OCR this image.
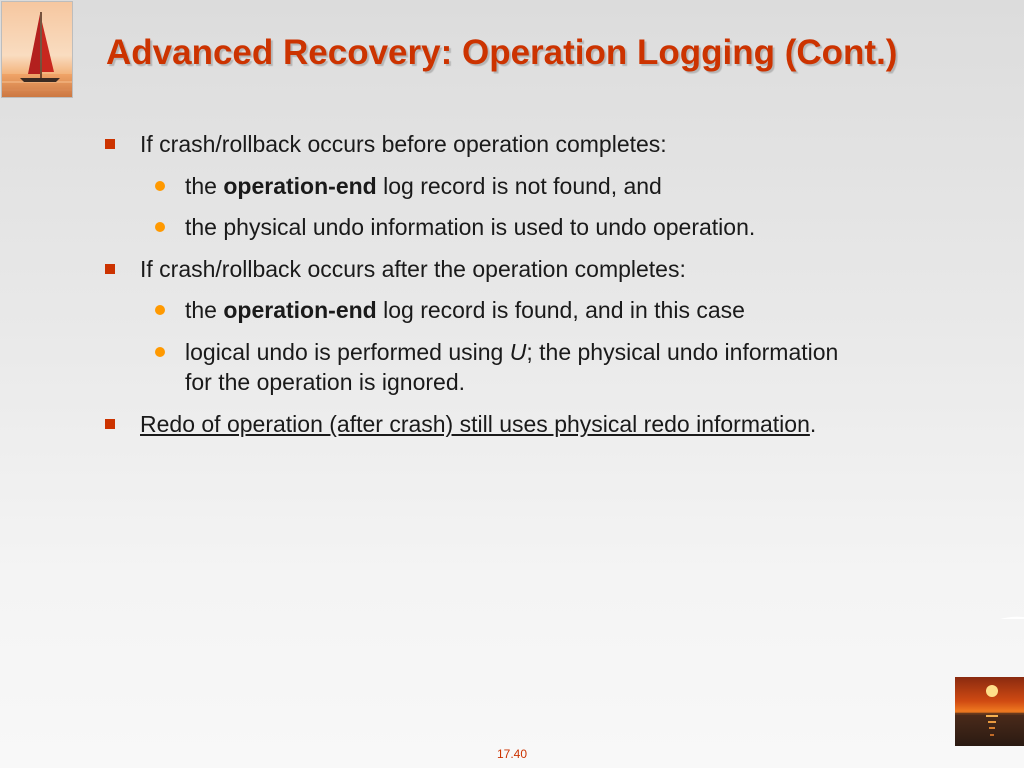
Advanced Recovery: Operation Logging (Cont.)
If crash/rollback occurs before operation completes:
the operation-end log record is not found, and
the physical undo information is used to undo operation.
If crash/rollback occurs after the operation completes:
the operation-end log record is found, and in this case
logical undo is performed using U; the physical undo information
for the operation is ignored.
Redo of operation (after crash) still uses physical redo information.
17.40
